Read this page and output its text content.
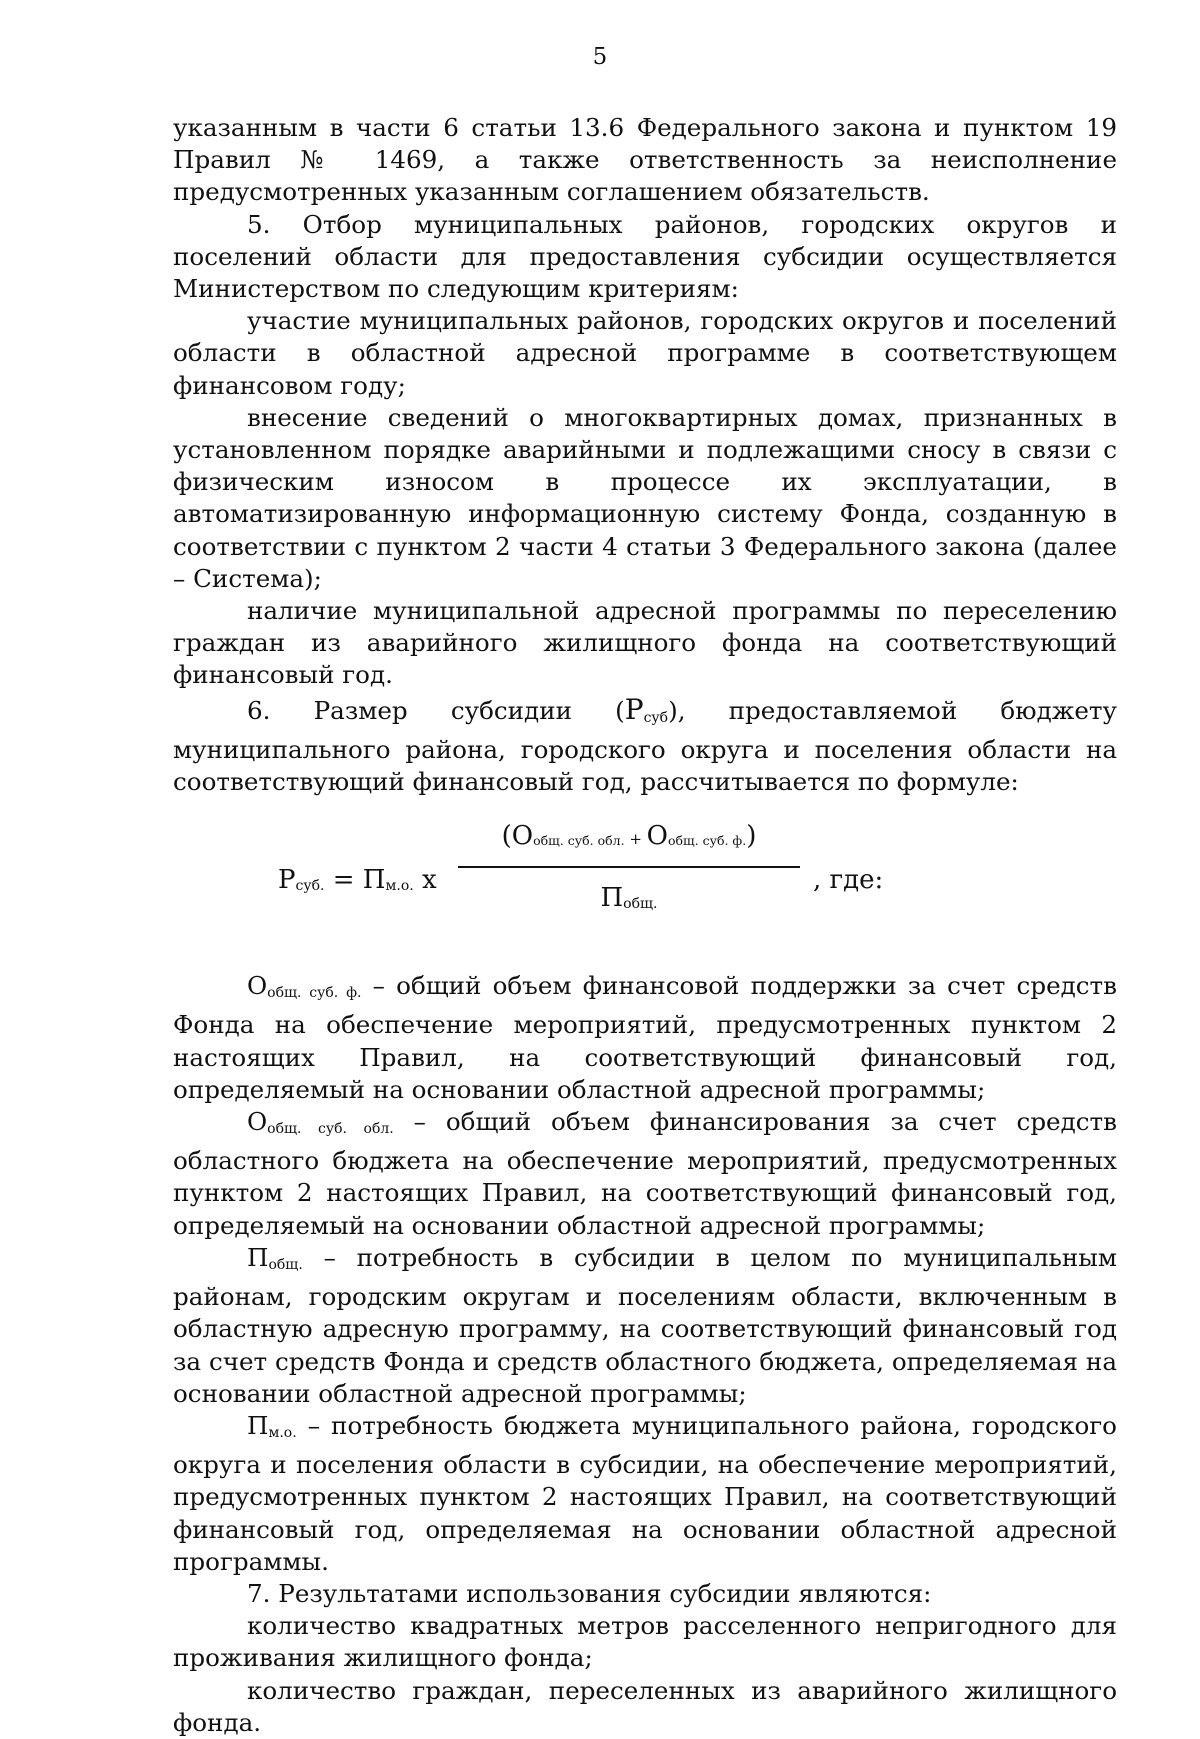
5

указанным в части 6 статьи 13.6 Федерального закона и пунктом 19 Правил № 1469, а также ответственность за неисполнение предусмотренных указанным соглашением обязательств.

5. Отбор муниципальных районов, городских округов и поселений области для предоставления субсидии осуществляется Министерством по следующим критериям:

участие муниципальных районов, городских округов и поселений области в областной адресной программе в соответствующем финансовом году;

внесение сведений о многоквартирных домах, признанных в установленном порядке аварийными и подлежащими сносу в связи с физическим износом в процессе их эксплуатации, в автоматизированную информационную систему Фонда, созданную в соответствии с пунктом 2 части 4 статьи 3 Федерального закона (далее – Система);

наличие муниципальной адресной программы по переселению граждан из аварийного жилищного фонда на соответствующий финансовый год.

6. Размер субсидии $(Р_{суб})$, предоставляемой бюджету муниципального района, городского округа и поселения области на соответствующий финансовый год, рассчитывается по формуле:

Рсуб. = Пм.о. х
(Ообщ. суб. обл. + Ообщ. суб. ф.)
Побщ.
, где:

$О_{общ. суб. ф.}$ – общий объем финансовой поддержки за счет средств Фонда на обеспечение мероприятий, предусмотренных пунктом 2 настоящих Правил, на соответствующий финансовый год, определяемый на основании областной адресной программы;

$О_{общ. суб. обл.}$ – общий объем финансирования за счет средств областного бюджета на обеспечение мероприятий, предусмотренных пунктом 2 настоящих Правил, на соответствующий финансовый год, определяемый на основании областной адресной программы;

$П_{общ.}$ – потребность в субсидии в целом по муниципальным районам, городским округам и поселениям области, включенным в областную адресную программу, на соответствующий финансовый год за счет средств Фонда и средств областного бюджета, определяемая на основании областной адресной программы;

$П_{м.о.}$ – потребность бюджета муниципального района, городского округа и поселения области в субсидии, на обеспечение мероприятий, предусмотренных пунктом 2 настоящих Правил, на соответствующий финансовый год, определяемая на основании областной адресной программы.

7. Результатами использования субсидии являются:

количество квадратных метров расселенного непригодного для проживания жилищного фонда;

количество граждан, переселенных из аварийного жилищного фонда.
